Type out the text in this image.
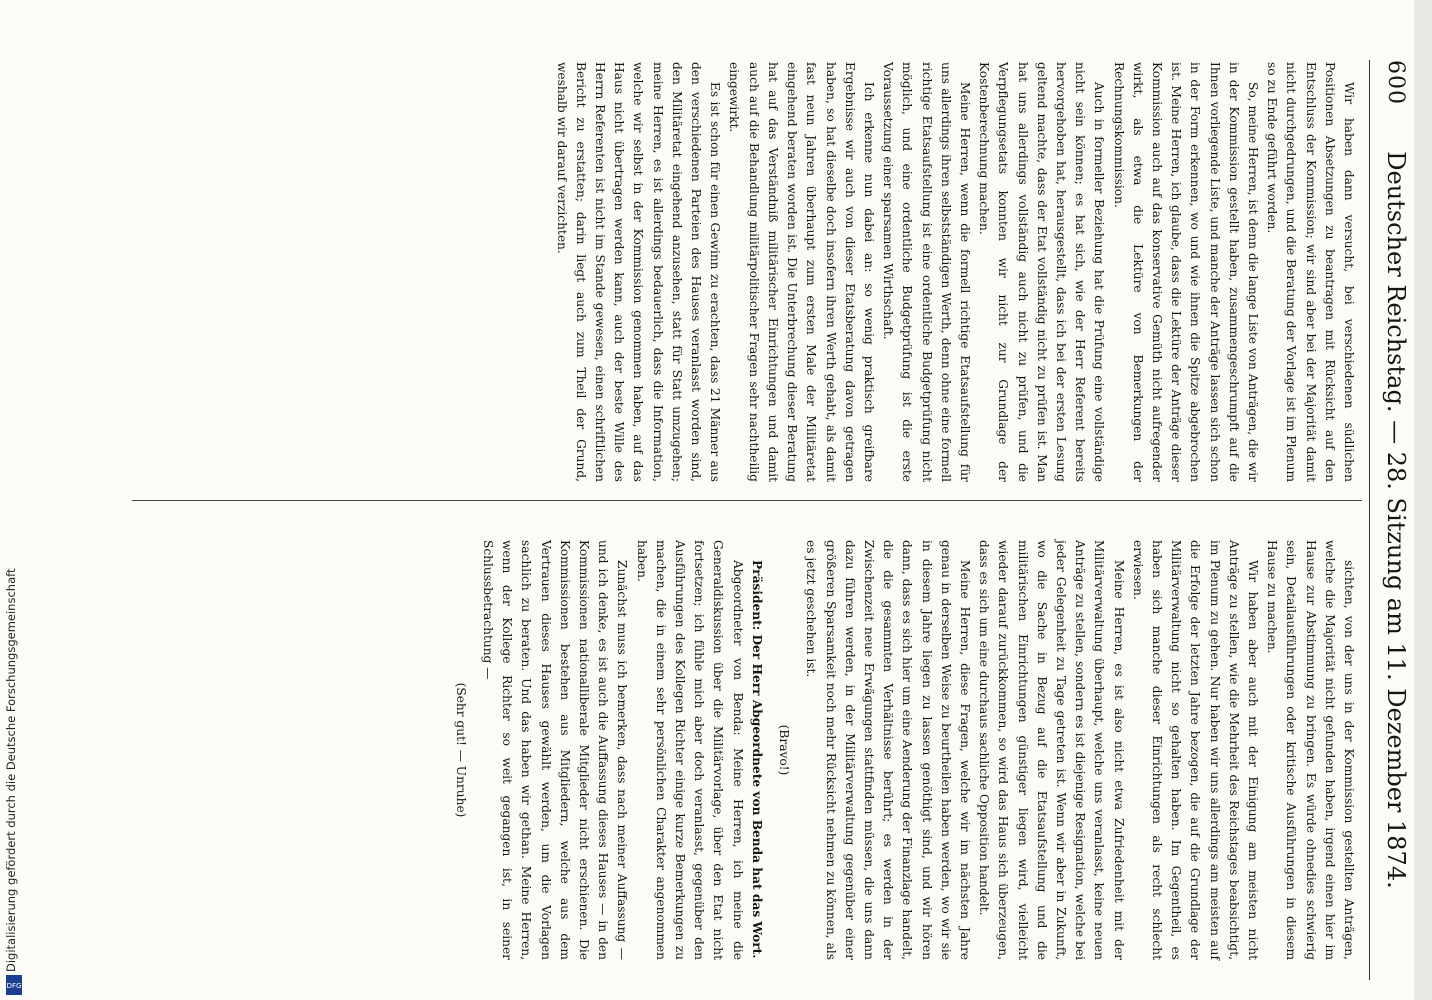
600
Deutscher Reichstag. — 28. Sitzung am 11. Dezember 1874.

Wir haben dann versucht, bei verschiedenen südlichen Positionen Absetzungen zu beantragen mit Rücksicht auf den Entschluss der Kommission; wir sind aber bei der Majorität damit nicht durchgedrungen, und die Beratung der Vorlage ist im Plenum so zu Ende geführt worden.

So, meine Herren, ist denn die lange Liste von Anträgen, die wir in der Kommission gestellt haben, zusammengeschrumpft auf die Ihnen vorliegende Liste, und manche der Anträge lassen sich schon in der Form erkennen, wo und wie ihnen die Spitze abgebrochen ist. Meine Herren, ich glaube, dass die Lektüre der Anträge dieser Kommission auch auf das konservative Gemüth nicht aufregender wirkt, als etwa die Lektüre von Bemerkungen der Rechnungskommission.

Auch in formeller Beziehung hat die Prüfung eine vollständige nicht sein können; es hat sich, wie der Herr Referent bereits hervorgehoben hat, herausgestellt, dass ich bei der ersten Lesung geltend machte, dass der Etat vollständig nicht zu prüfen ist. Man hat uns allerdings vollständig auch nicht zu prüfen, und die Verpflegungsetats konnten wir nicht zur Grundlage der Kostenberechnung machen.

Meine Herren, wenn die formell richtige Etatsaufstellung für uns allerdings ihren selbstständigen Werth, denn ohne eine formell richtige Etatsaufstellung ist eine ordentliche Budgetprüfung nicht möglich, und eine ordentliche Budgetprüfung ist die erste Voraussetzung einer sparsamen Wirthschaft.

Ich erkenne nun dabei an: so wenig praktisch greifbare Ergebnisse wir auch von dieser Etatsberatung davon getragen haben, so hat dieselbe doch insofern ihren Werth gehabt, als damit fast neun Jahren überhaupt zum ersten Male der Militäretat eingehend beraten worden ist. Die Unterbrechung dieser Beratung hat auf das Verständniß militärischer Einrichtungen und damit auch auf die Behandlung militärpolitischer Fragen sehr nachtheilig eingewirkt.

Es ist schon für einen Gewinn zu erachten, dass 21 Männer aus den verschiedenen Parteien des Hauses veranlasst worden sind, den Militäretat eingehend anzusehen, statt für Statt umzugehen; meine Herren, es ist allerdings bedauerlich, dass die Information, welche wir selbst in der Kommission genommen haben, auf das Haus nicht übertragen werden kann, auch der beste Wille des Herrn Referenten ist nicht im Stande gewesen, einen schriftlichen Bericht zu erstatten; darin liegt auch zum Theil der Grund, weshalb wir darauf verzichten.

sichten, von der uns in der Kommission gestellten Anträgen, welche die Majorität nicht gefunden haben, irgend einen hier im Hause zur Abstimmung zu bringen. Es würde ohnedies schwierig sein, Detailausführungen oder kritische Ausführungen in diesem Hause zu machen.

Wir haben aber auch mit der Einigung am meisten nicht Anträge zu stellen, wie die Mehrheit des Reichstages beabsichtigt, im Plenum zu gehen. Nur haben wir uns allerdings am meisten auf die Erfolge der letzten Jahre bezogen, die auf die Grundlage der Militärverwaltung nicht so gehalten haben. Im Gegentheil, es haben sich manche dieser Einrichtungen als recht schlecht erwiesen.

Meine Herren, es ist also nicht etwa Zufriedenheit mit der Militärverwaltung überhaupt, welche uns veranlasst, keine neuen Anträge zu stellen, sondern es ist diejenige Resignation, welche bei jeder Gelegenheit zu Tage getreten ist. Wenn wir aber in Zukunft, wo die Sache in Bezug auf die Etatsaufstellung und die militärischen Einrichtungen günstiger liegen wird, vielleicht wieder darauf zurückkommen, so wird das Haus sich überzeugen, dass es sich um eine durchaus sachliche Opposition handelt.

Meine Herren, diese Fragen, welche wir im nächsten Jahre genau in derselben Weise zu beurtheilen haben werden, wo wir sie in diesem Jahre liegen zu lassen genöthigt sind, und wir hören dann, dass es sich hier um eine Aenderung der Finanzlage handelt, die die gesammten Verhältnisse berührt; es werden in der Zwischenzeit neue Erwägungen stattfinden müssen, die uns dann dazu führen werden, in der Militärverwaltung gegenüber einer größeren Sparsamkeit noch mehr Rücksicht nehmen zu können, als es jetzt geschehen ist.

(Bravo!)

Präsident: Der Herr Abgeordnete von Benda hat das Wort.

Abgeordneter von Benda: Meine Herren, ich meine die Generaldiskussion über die Militärvorlage, über den Etat nicht fortsetzen; ich fühle mich aber doch veranlasst, gegenüber den Ausführungen des Kollegen Richter einige kurze Bemerkungen zu machen, die in einem sehr persönlichen Charakter angenommen haben.

Zunächst muss ich bemerken, dass nach meiner Auffassung — und ich denke, es ist auch die Auffassung dieses Hauses — in den Kommissionen nationalliberale Mitglieder nicht erschienen. Die Kommissionen bestehen aus Mitgliedern, welche aus dem Vertrauen dieses Hauses gewählt werden, um die Vorlagen sachlich zu beraten. Und das haben wir gethan. Meine Herren, wenn der Kollege Richter so weit gegangen ist, in seiner Schlussbetrachtung —

(Sehr gut! — Unruhe)

Digitalisierung gefördert durch die Deutsche Forschungsgemeinschaft
DFG
